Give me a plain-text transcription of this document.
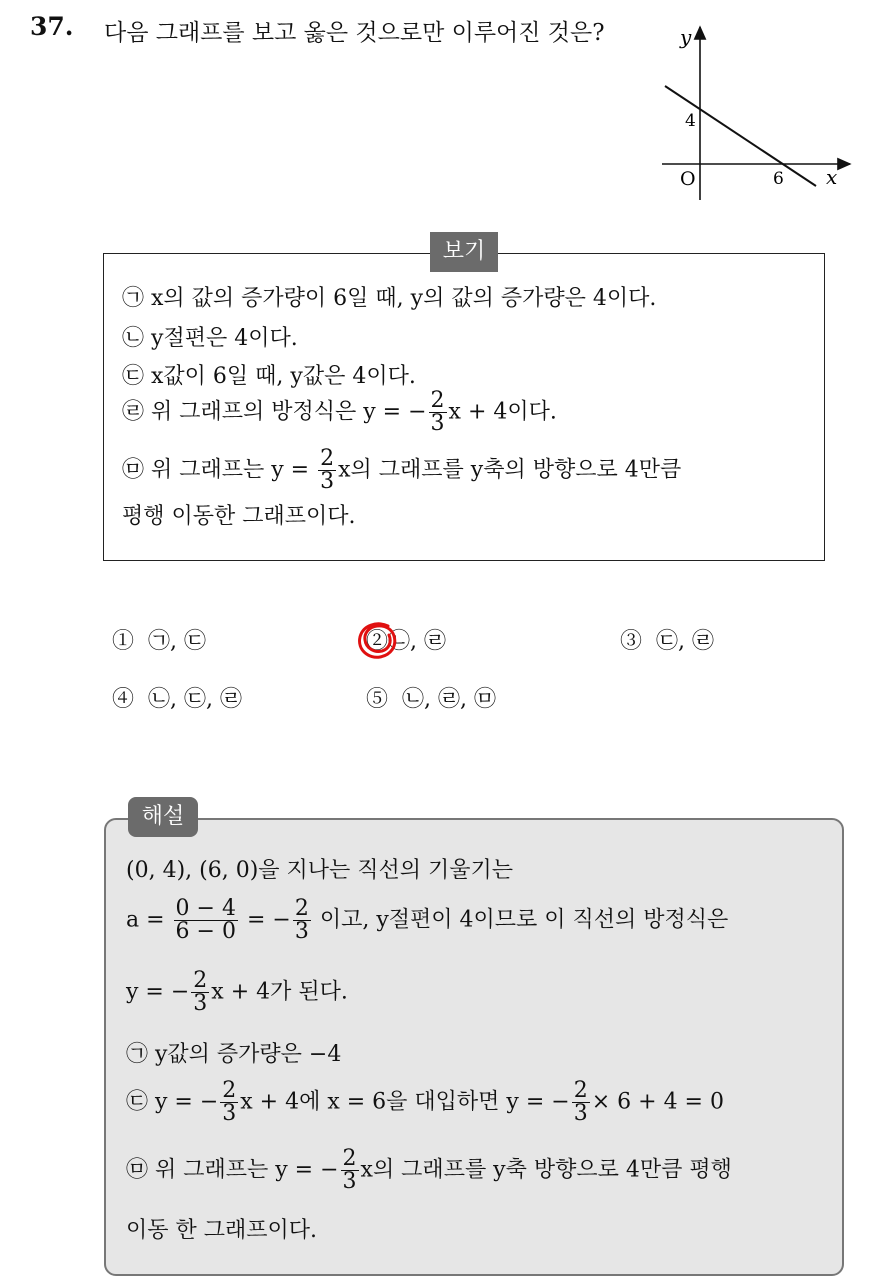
37. 다음 그래프를 보고 옳은 것으로만 이루어진 것은?	y
x
O
4
6
보기
㉠ x의 값의 증가량이 6일 때, y의 값의 증가량은 4이다.
㉡ y절편은 4이다.
㉢ x값이 6일 때, y값은 4이다.
㉣ 위 그래프의 방정식은 y = − $\frac{2}{3}$ x + 4이다.
㉤ 위 그래프는 $y = \frac{2}{3}$ x의 그래프를 y축의 방향으로 4만큼
평행 이동한 그래프이다.
① ㉠, ㉢	②㉡, ㉣	③ ㉢, ㉣
④ ㉡, ㉢, ㉣	⑤ ㉡, ㉣, ㉤
해설
(0, 4), (6, 0)을 지나는 직선의 기울기는
$a = \frac{0 - 4}{6 - 0}$ = − $\frac{2}{3}$ 이고, y절편이 4이므로 이 직선의 방정식은
y = − $\frac{2}{3}$ x + 4가 된다.
㉠ y값의 증가량은 −4
㉢ y = − $\frac{2}{3}$ x + 4에 x = 6을 대입하면 y = − $\frac{2}{3} \times 6 + 4 = 0$
㉤ 위 그래프는 y = − $\frac{2}{3}$ x의 그래프를 y축 방향으로 4만큼 평행
이동 한 그래프이다.
